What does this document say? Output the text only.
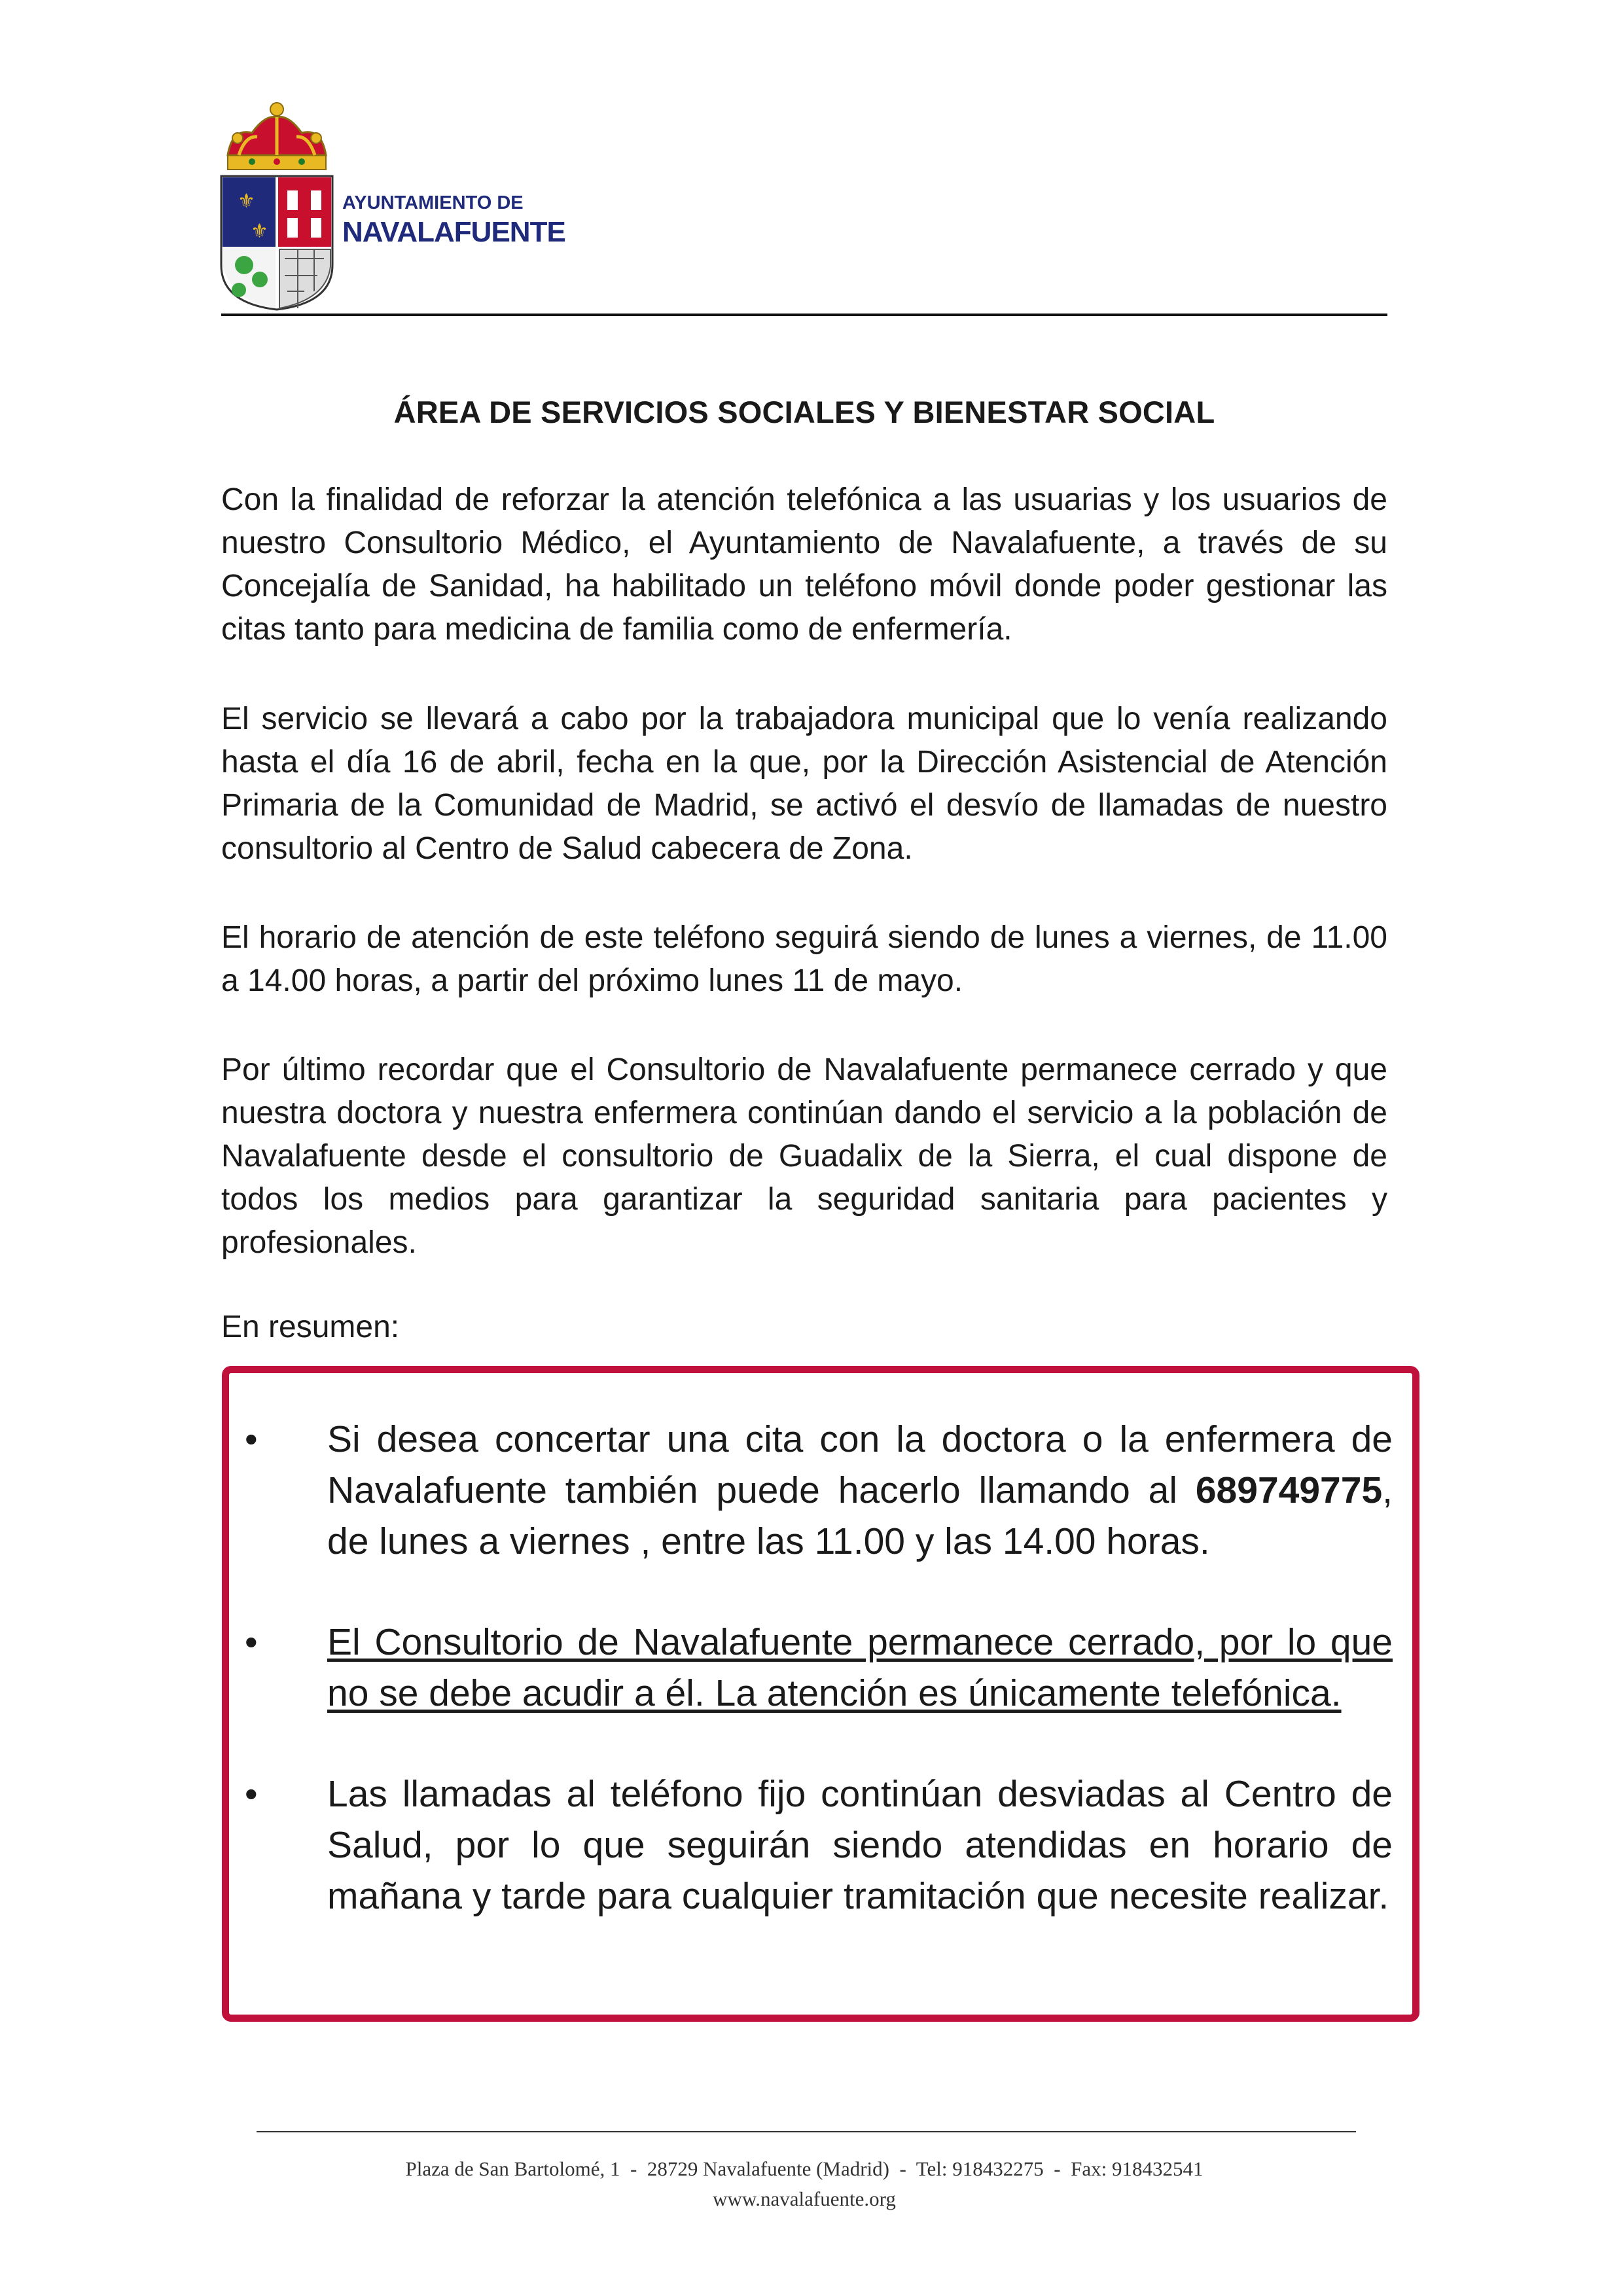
⚜
⚜
AYUNTAMIENTO DE
NAVALAFUENTE
ÁREA DE SERVICIOS SOCIALES Y BIENESTAR SOCIAL
Con la finalidad de reforzar la atención telefónica a las usuarias y los usuarios de nuestro Consultorio Médico, el Ayuntamiento de Navalafuente, a través de su Concejalía de Sanidad, ha habilitado un teléfono móvil donde poder gestionar las citas tanto para medicina de familia como de enfermería.
El servicio se llevará a cabo por la trabajadora municipal que lo venía realizando hasta el día 16 de abril, fecha en la que, por la Dirección Asistencial de Atención Primaria de la Comunidad de Madrid, se activó el desvío de llamadas de nuestro consultorio al Centro de Salud cabecera de Zona.
El horario de atención de este teléfono seguirá siendo de lunes a viernes, de 11.00 a 14.00 horas, a partir del próximo lunes 11 de mayo.
Por último recordar que el Consultorio de Navalafuente permanece cerrado y que nuestra doctora y nuestra enfermera continúan dando el servicio a la población de Navalafuente desde el consultorio de Guadalix de la Sierra, el cual dispone de todos los medios para garantizar la seguridad sanitaria para pacientes y profesionales.
En resumen:
• Si desea concertar una cita con la doctora o la enfermera de Navalafuente también puede hacerlo llamando al 689749775, de lunes a viernes , entre las 11.00 y las 14.00 horas.
• El Consultorio de Navalafuente permanece cerrado, por lo que no se debe acudir a él. La atención es únicamente telefónica.
• Las llamadas al teléfono fijo continúan desviadas al Centro de Salud, por lo que seguirán siendo atendidas en horario de mañana y tarde para cualquier tramitación que necesite realizar.
Plaza de San Bartolomé, 1  -  28729 Navalafuente (Madrid)  -  Tel: 918432275  -  Fax: 918432541
www.navalafuente.org
